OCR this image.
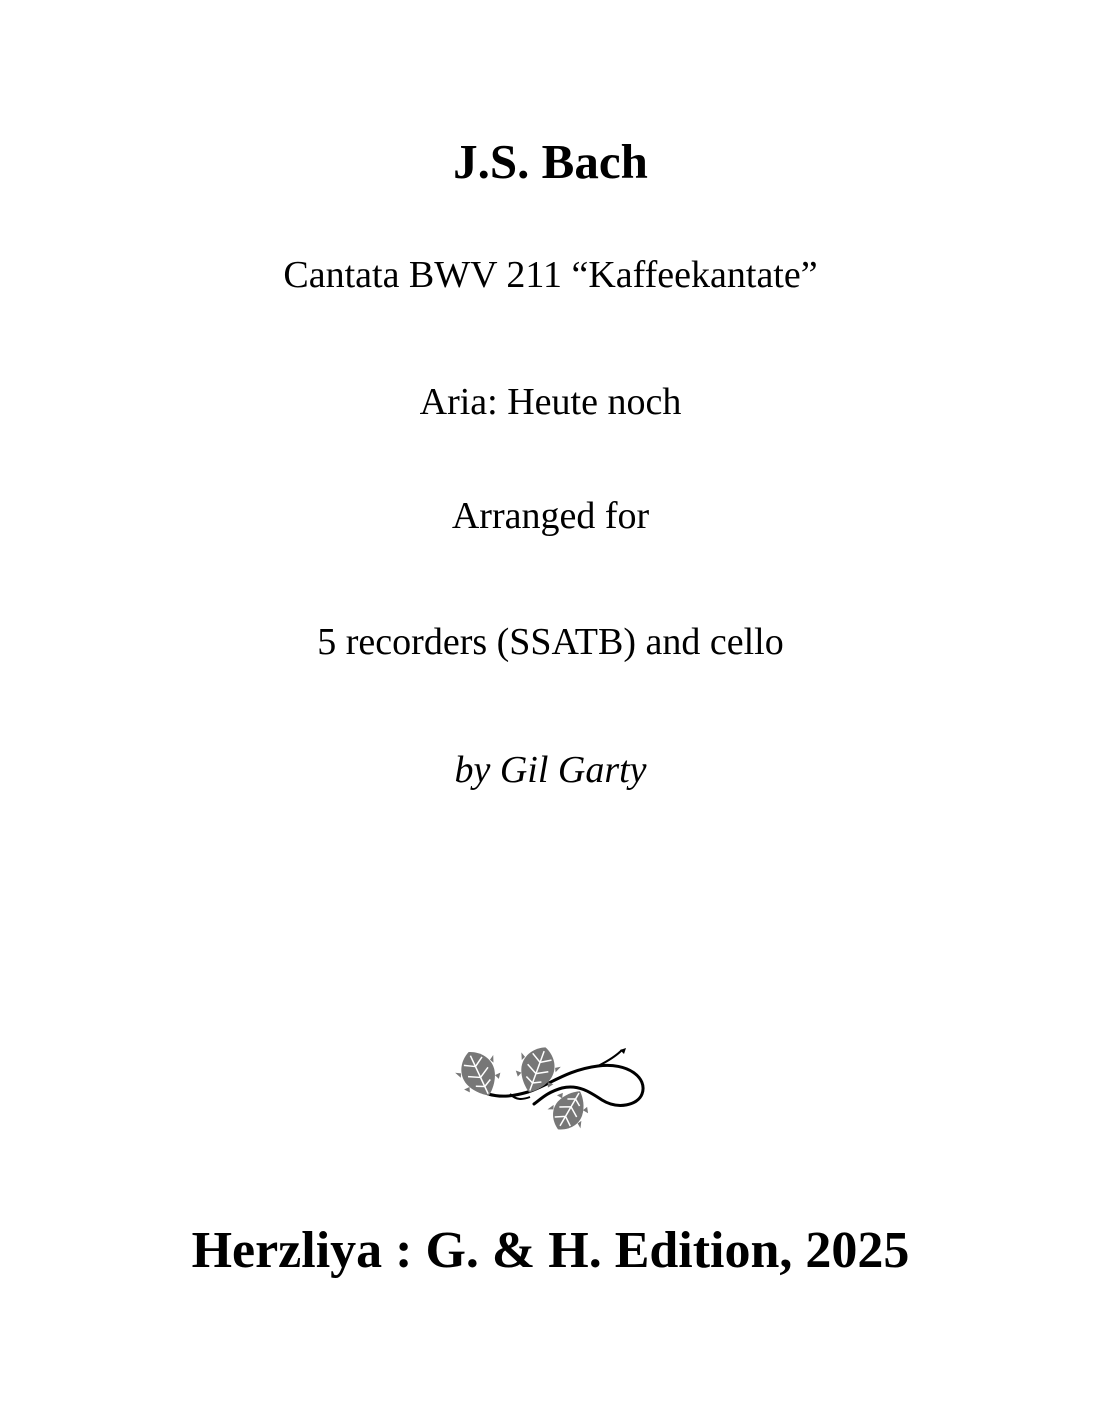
J.S. Bach
Cantata BWV 211 “Kaffeekantate”
Aria: Heute noch
Arranged for
5 recorders (SSATB) and cello
by Gil Garty
Herzliya : G. & H. Edition, 2025
